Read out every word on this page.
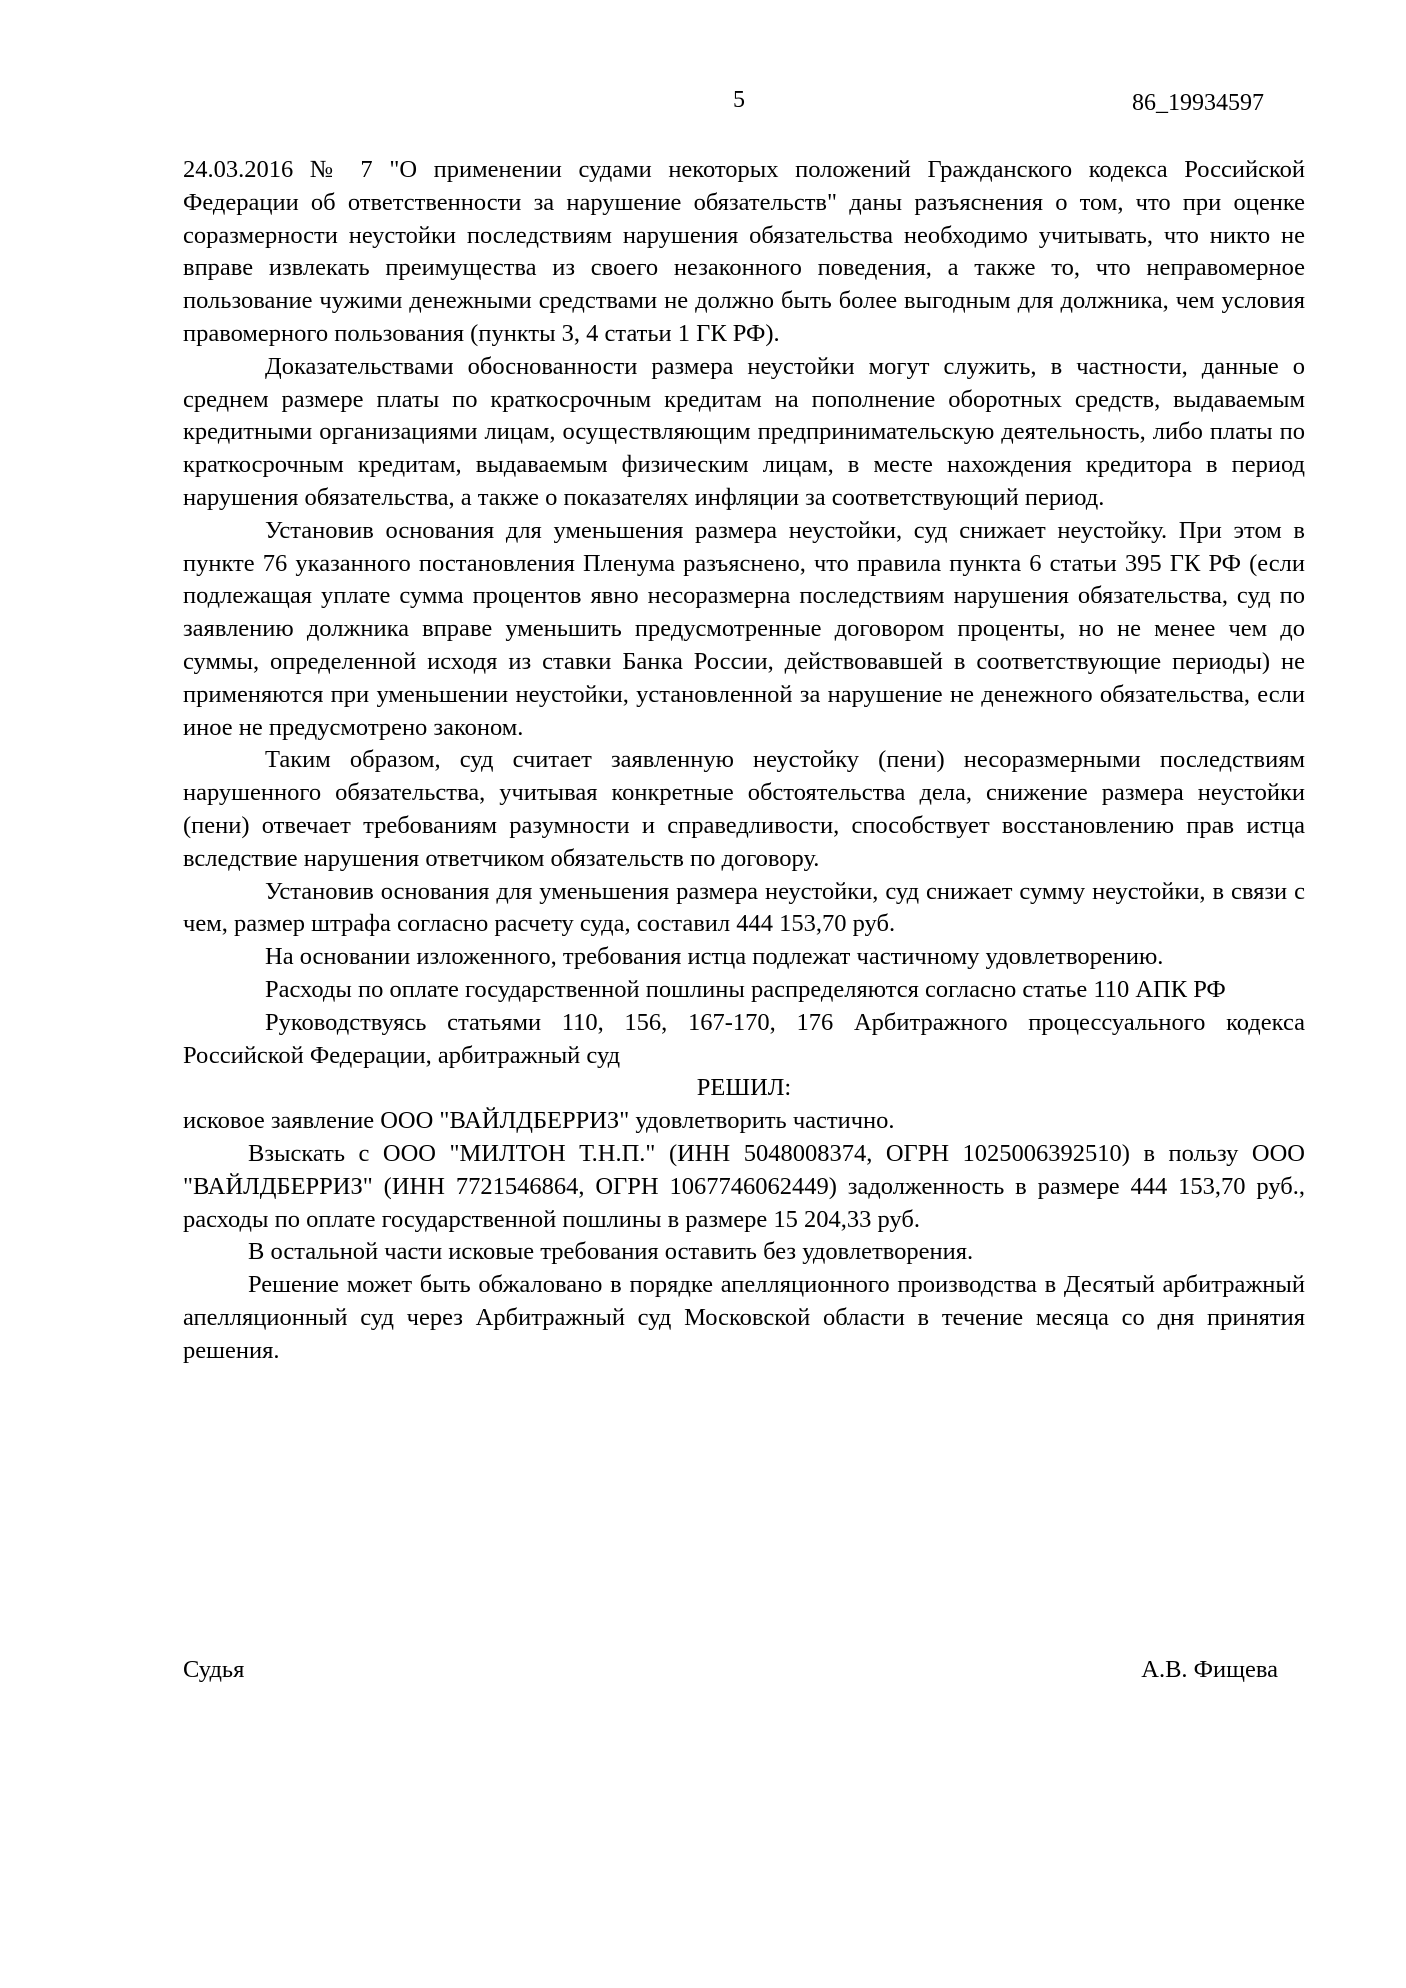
5	86_19934597

24.03.2016 № 7 "О применении судами некоторых положений Гражданского кодекса Российской Федерации об ответственности за нарушение обязательств" даны разъяснения о том, что при оценке соразмерности неустойки последствиям нарушения обязательства необходимо учитывать, что никто не вправе извлекать преимущества из своего незаконного поведения, а также то, что неправомерное пользование чужими денежными средствами не должно быть более выгодным для должника, чем условия правомерного пользования (пункты 3, 4 статьи 1 ГК РФ).

Доказательствами обоснованности размера неустойки могут служить, в частности, данные о среднем размере платы по краткосрочным кредитам на пополнение оборотных средств, выдаваемым кредитными организациями лицам, осуществляющим предпринимательскую деятельность, либо платы по краткосрочным кредитам, выдаваемым физическим лицам, в месте нахождения кредитора в период нарушения обязательства, а также о показателях инфляции за соответствующий период.

Установив основания для уменьшения размера неустойки, суд снижает неустойку. При этом в пункте 76 указанного постановления Пленума разъяснено, что правила пункта 6 статьи 395 ГК РФ (если подлежащая уплате сумма процентов явно несоразмерна последствиям нарушения обязательства, суд по заявлению должника вправе уменьшить предусмотренные договором проценты, но не менее чем до суммы, определенной исходя из ставки Банка России, действовавшей в соответствующие периоды) не применяются при уменьшении неустойки, установленной за нарушение не денежного обязательства, если иное не предусмотрено законом.

Таким образом, суд считает заявленную неустойку (пени) несоразмерными последствиям нарушенного обязательства, учитывая конкретные обстоятельства дела, снижение размера неустойки (пени) отвечает требованиям разумности и справедливости, способствует восстановлению прав истца вследствие нарушения ответчиком обязательств по договору.

Установив основания для уменьшения размера неустойки, суд снижает сумму неустойки, в связи с чем, размер штрафа согласно расчету суда, составил 444 153,70 руб.

На основании изложенного, требования истца подлежат частичному удовлетворению.

Расходы по оплате государственной пошлины распределяются согласно статье 110 АПК РФ

Руководствуясь статьями 110, 156, 167-170, 176 Арбитражного процессуального кодекса Российской Федерации, арбитражный суд

РЕШИЛ:

исковое заявление ООО "ВАЙЛДБЕРРИЗ" удовлетворить частично.

Взыскать с ООО "МИЛТОН Т.Н.П." (ИНН 5048008374, ОГРН 1025006392510) в пользу ООО "ВАЙЛДБЕРРИЗ" (ИНН 7721546864, ОГРН 1067746062449) задолженность в размере 444 153,70 руб., расходы по оплате государственной пошлины в размере 15 204,33 руб.

В остальной части исковые требования оставить без удовлетворения.

Решение может быть обжаловано в порядке апелляционного производства в Десятый арбитражный апелляционный суд через Арбитражный суд Московской области в течение месяца со дня принятия решения.

Судья	А.В. Фищева
